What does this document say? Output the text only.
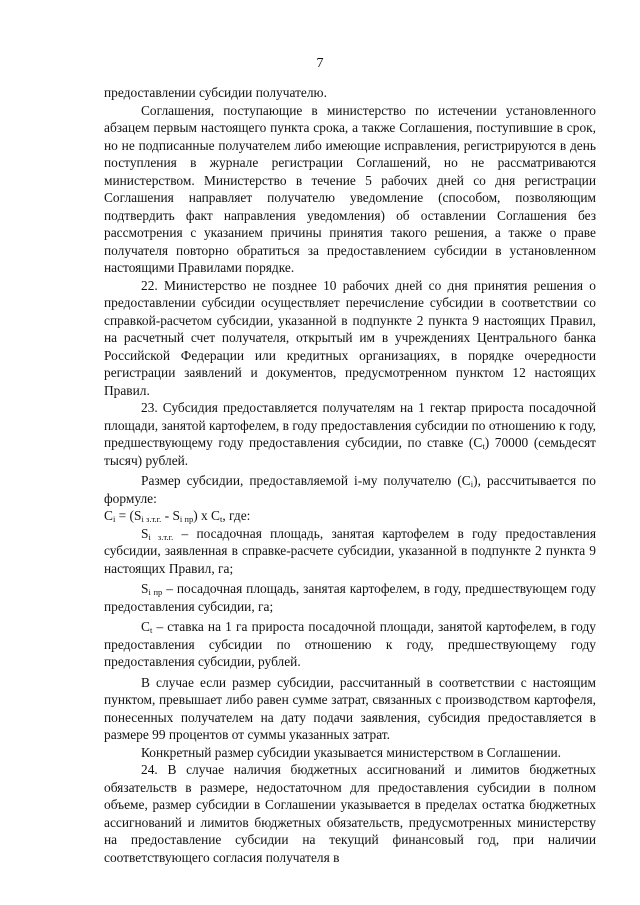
7

предоставлении субсидии получателю.

Соглашения, поступающие в министерство по истечении установленного абзацем первым настоящего пункта срока, а также Соглашения, поступившие в срок, но не подписанные получателем либо имеющие исправления, регистрируются в день поступления в журнале регистрации Соглашений, но не рассматриваются министерством. Министерство в течение 5 рабочих дней со дня регистрации Соглашения направляет получателю уведомление (способом, позволяющим подтвердить факт направления уведомления) об оставлении Соглашения без рассмотрения с указанием причины принятия такого решения, а также о праве получателя повторно обратиться за предоставлением субсидии в установленном настоящими Правилами порядке.

22. Министерство не позднее 10 рабочих дней со дня принятия решения о предоставлении субсидии осуществляет перечисление субсидии в соответствии со справкой-расчетом субсидии, указанной в подпункте 2 пункта 9 настоящих Правил, на расчетный счет получателя, открытый им в учреждениях Центрального банка Российской Федерации или кредитных организациях, в порядке очередности регистрации заявлений и документов, предусмотренном пунктом 12 настоящих Правил.

23. Субсидия предоставляется получателям на 1 гектар прироста посадочной площади, занятой картофелем, в году предоставления субсидии по отношению к году, предшествующему году предоставления субсидии, по ставке $(C_t)$ 70000 (семьдесят тысяч) рублей.

Размер субсидии, предоставляемой i-му получателю $(C_i)$, рассчитывается по формуле:

$C_i = (S_{i з.т.г.} - S_{i пр})$ x $C_t$, где:

$S_{i з.т.г.}$ – посадочная площадь, занятая картофелем в году предоставления субсидии, заявленная в справке-расчете субсидии, указанной в подпункте 2 пункта 9 настоящих Правил, га;

$S_{i пр}$ – посадочная площадь, занятая картофелем, в году, предшествующем году предоставления субсидии, га;

$C_t$ – ставка на 1 га прироста посадочной площади, занятой картофелем, в году предоставления субсидии по отношению к году, предшествующему году предоставления субсидии, рублей.

В случае если размер субсидии, рассчитанный в соответствии с настоящим пунктом, превышает либо равен сумме затрат, связанных с производством картофеля, понесенных получателем на дату подачи заявления, субсидия предоставляется в размере 99 процентов от суммы указанных затрат.

Конкретный размер субсидии указывается министерством в Соглашении.

24. В случае наличия бюджетных ассигнований и лимитов бюджетных обязательств в размере, недостаточном для предоставления субсидии в полном объеме, размер субсидии в Соглашении указывается в пределах остатка бюджетных ассигнований и лимитов бюджетных обязательств, предусмотренных министерству на предоставление субсидии на текущий финансовый год, при наличии соответствующего согласия получателя в
